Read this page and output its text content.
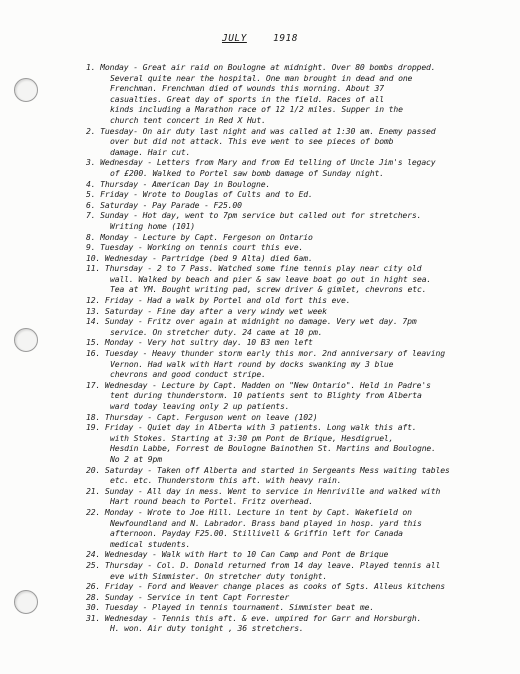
JULY	1918
1. Monday - Great air raid on Boulogne at midnight. Over 80 bombs dropped.
Several quite near the hospital. One man brought in dead and one
Frenchman. Frenchman died of wounds this morning. About 37
casualties. Great day of sports in the field. Races of all
kinds including a Marathon race of 12 1/2 miles. Supper in the
church tent concert in Red X Hut.
2. Tuesday- On air duty last night and was called at 1:30 am. Enemy passed
over but did not attack. This eve went to see pieces of bomb
damage. Hair cut.
3. Wednesday - Letters from Mary and from Ed telling of Uncle Jim's legacy
of £200. Walked to Portel saw bomb damage of Sunday night.
4. Thursday - American Day in Boulogne.
5. Friday - Wrote to Douglas of Cults and to Ed.
6. Saturday - Pay Parade - F25.00
7. Sunday - Hot day, went to 7pm service but called out for stretchers.
Writing home (101)
8. Monday - Lecture by Capt. Fergeson on Ontario
9. Tuesday - Working on tennis court this eve.
10. Wednesday - Partridge (bed 9 Alta) died 6am.
11. Thursday - 2 to 7 Pass. Watched some fine tennis play near city old
wall. Walked by beach and pier & saw leave boat go out in hight sea.
Tea at YM. Bought writing pad, screw driver & gimlet, chevrons etc.
12. Friday - Had a walk by Portel and old fort this eve.
13. Saturday - Fine day after a very windy wet week
14. Sunday - Fritz over again at midnight no damage. Very wet day. 7pm
service. On stretcher duty. 24 came at 10 pm.
15. Monday - Very hot sultry day. 10 B3 men left
16. Tuesday - Heavy thunder storm early this mor. 2nd anniversary of leaving
Vernon. Had walk with Hart round by docks swanking my 3 blue
chevrons and good conduct stripe.
17. Wednesday - Lecture by Capt. Madden on "New Ontario". Held in Padre's
tent during thunderstorm. 10 patients sent to Blighty from Alberta
ward today leaving only 2 up patients.
18. Thursday - Capt. Ferguson went on leave (102)
19. Friday - Quiet day in Alberta with 3 patients. Long walk this aft.
with Stokes. Starting at 3:30 pm Pont de Brique, Hesdigruel,
Hesdin Labbe, Forrest de Boulogne Bainothen St. Martins and Boulogne.
No 2 at 9pm
20. Saturday - Taken off Alberta and started in Sergeants Mess waiting tables
etc. etc. Thunderstorm this aft. with heavy rain.
21. Sunday - All day in mess. Went to service in Henriville and walked with
Hart round beach to Portel. Fritz overhead.
22. Monday - Wrote to Joe Hill. Lecture in tent by Capt. Wakefield on
Newfoundland and N. Labrador. Brass band played in hosp. yard this
afternoon. Payday F25.00. Stillivell & Griffin left for Canada
medical students.
24. Wednesday - Walk with Hart to 10 Can Camp and Pont de Brique
25. Thursday - Col. D. Donald returned from 14 day leave. Played tennis all
eve with Simmister. On stretcher duty tonight.
26. Friday - Ford and Weaver change places as cooks of Sgts. Alleus kitchens
28. Sunday - Service in tent Capt Forrester
30. Tuesday - Played in tennis tournament. Simmister beat me.
31. Wednesday - Tennis this aft. & eve. umpired for Garr and Horsburgh.
H. won. Air duty tonight , 36 stretchers.
